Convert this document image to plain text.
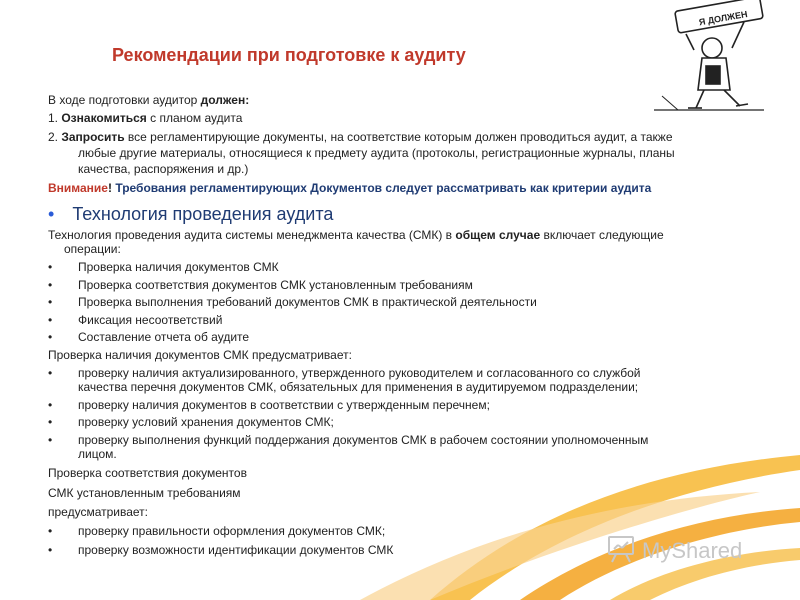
Я ДОЛЖЕН
Рекомендации при подготовке к аудиту
В ходе подготовки аудитор должен:
1. Ознакомиться с планом аудита
2. Запросить все регламентирующие документы, на соответствие которым должен проводиться аудит, а также
любые другие материалы, относящиеся к предмету аудита (протоколы, регистрационные журналы, планы
качества, распоряжения и др.)
Внимание! Требования регламентирующих Документов следует рассматривать как критерии аудита
• Технология проведения аудита
Технология проведения аудита системы менеджмента качества (СМК) в общем случае включает следующие
операции:
• Проверка наличия документов СМК
• Проверка соответствия документов СМК установленным требованиям
• Проверка выполнения требований документов СМК в практической деятельности
• Фиксация несоответствий
• Составление отчета об аудите
Проверка наличия документов СМК предусматривает:
• проверку наличия актуализированного, утвержденного руководителем и согласованного со службой
качества перечня документов СМК, обязательных для применения в аудитируемом подразделении;
• проверку наличия документов в соответствии с утвержденным перечнем;
• проверку условий хранения документов СМК;
• проверку выполнения функций поддержания документов СМК в рабочем состоянии уполномоченным
лицом.
Проверка соответствия документов
СМК установленным требованиям
предусматривает:
• проверку правильности оформления документов СМК;
• проверку возможности идентификации документов СМК	MyShared
